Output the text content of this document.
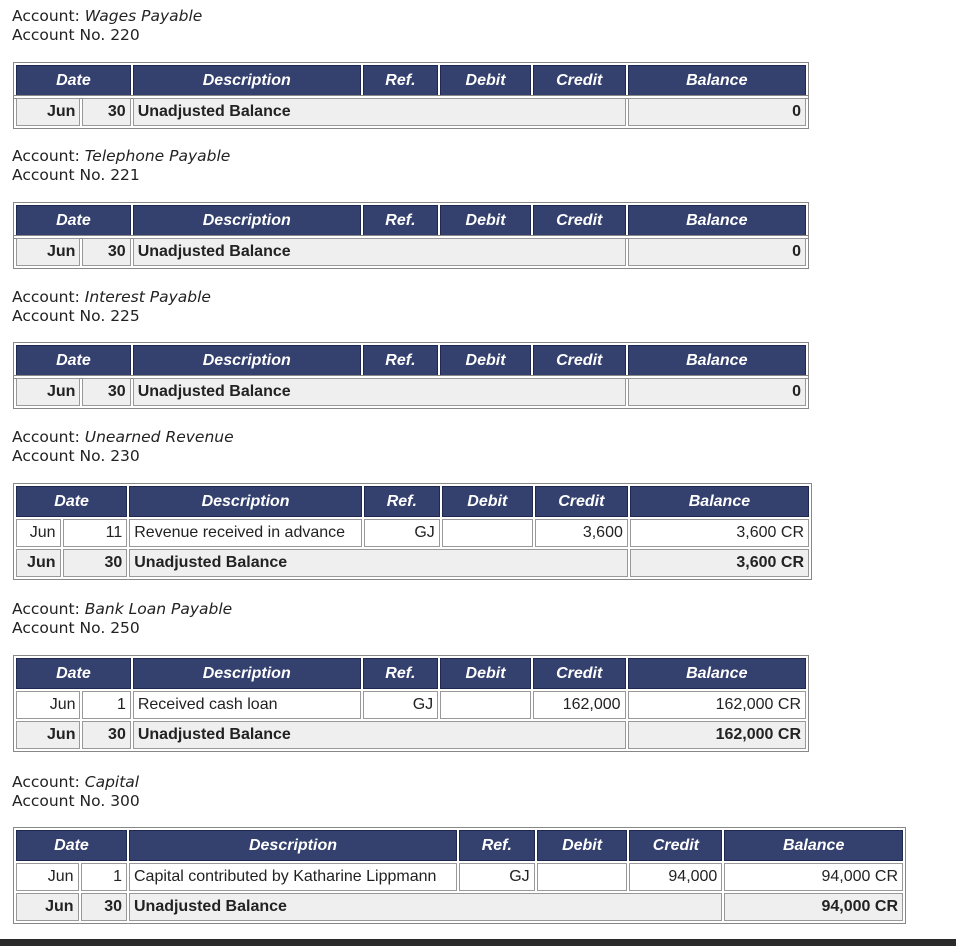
Account: Wages Payable
Account No. 220
Date	Description	Ref.	Debit	Credit	Balance
Jun	30	Unadjusted Balance	0
Account: Telephone Payable
Account No. 221
Date	Description	Ref.	Debit	Credit	Balance
Jun	30	Unadjusted Balance	0
Account: Interest Payable
Account No. 225
Date	Description	Ref.	Debit	Credit	Balance
Jun	30	Unadjusted Balance	0
Account: Unearned Revenue
Account No. 230
Date		Description	Ref.	Debit	Credit	Balance
Jun	11	Revenue received in advance	GJ		3,600	3,600 CR
Jun	30	Unadjusted Balance				3,600 CR
Account: Bank Loan Payable
Account No. 250
Date		Description	Ref.	Debit	Credit	Balance
Jun	1	Received cash loan	GJ		162,000	162,000 CR
Jun	30	Unadjusted Balance				162,000 CR
Account: Capital
Account No. 300
Date		Description	Ref.	Debit	Credit	Balance
Jun	1	Capital contributed by Katharine Lippmann	GJ		94,000	94,000 CR
Jun	30	Unadjusted Balance				94,000 CR
